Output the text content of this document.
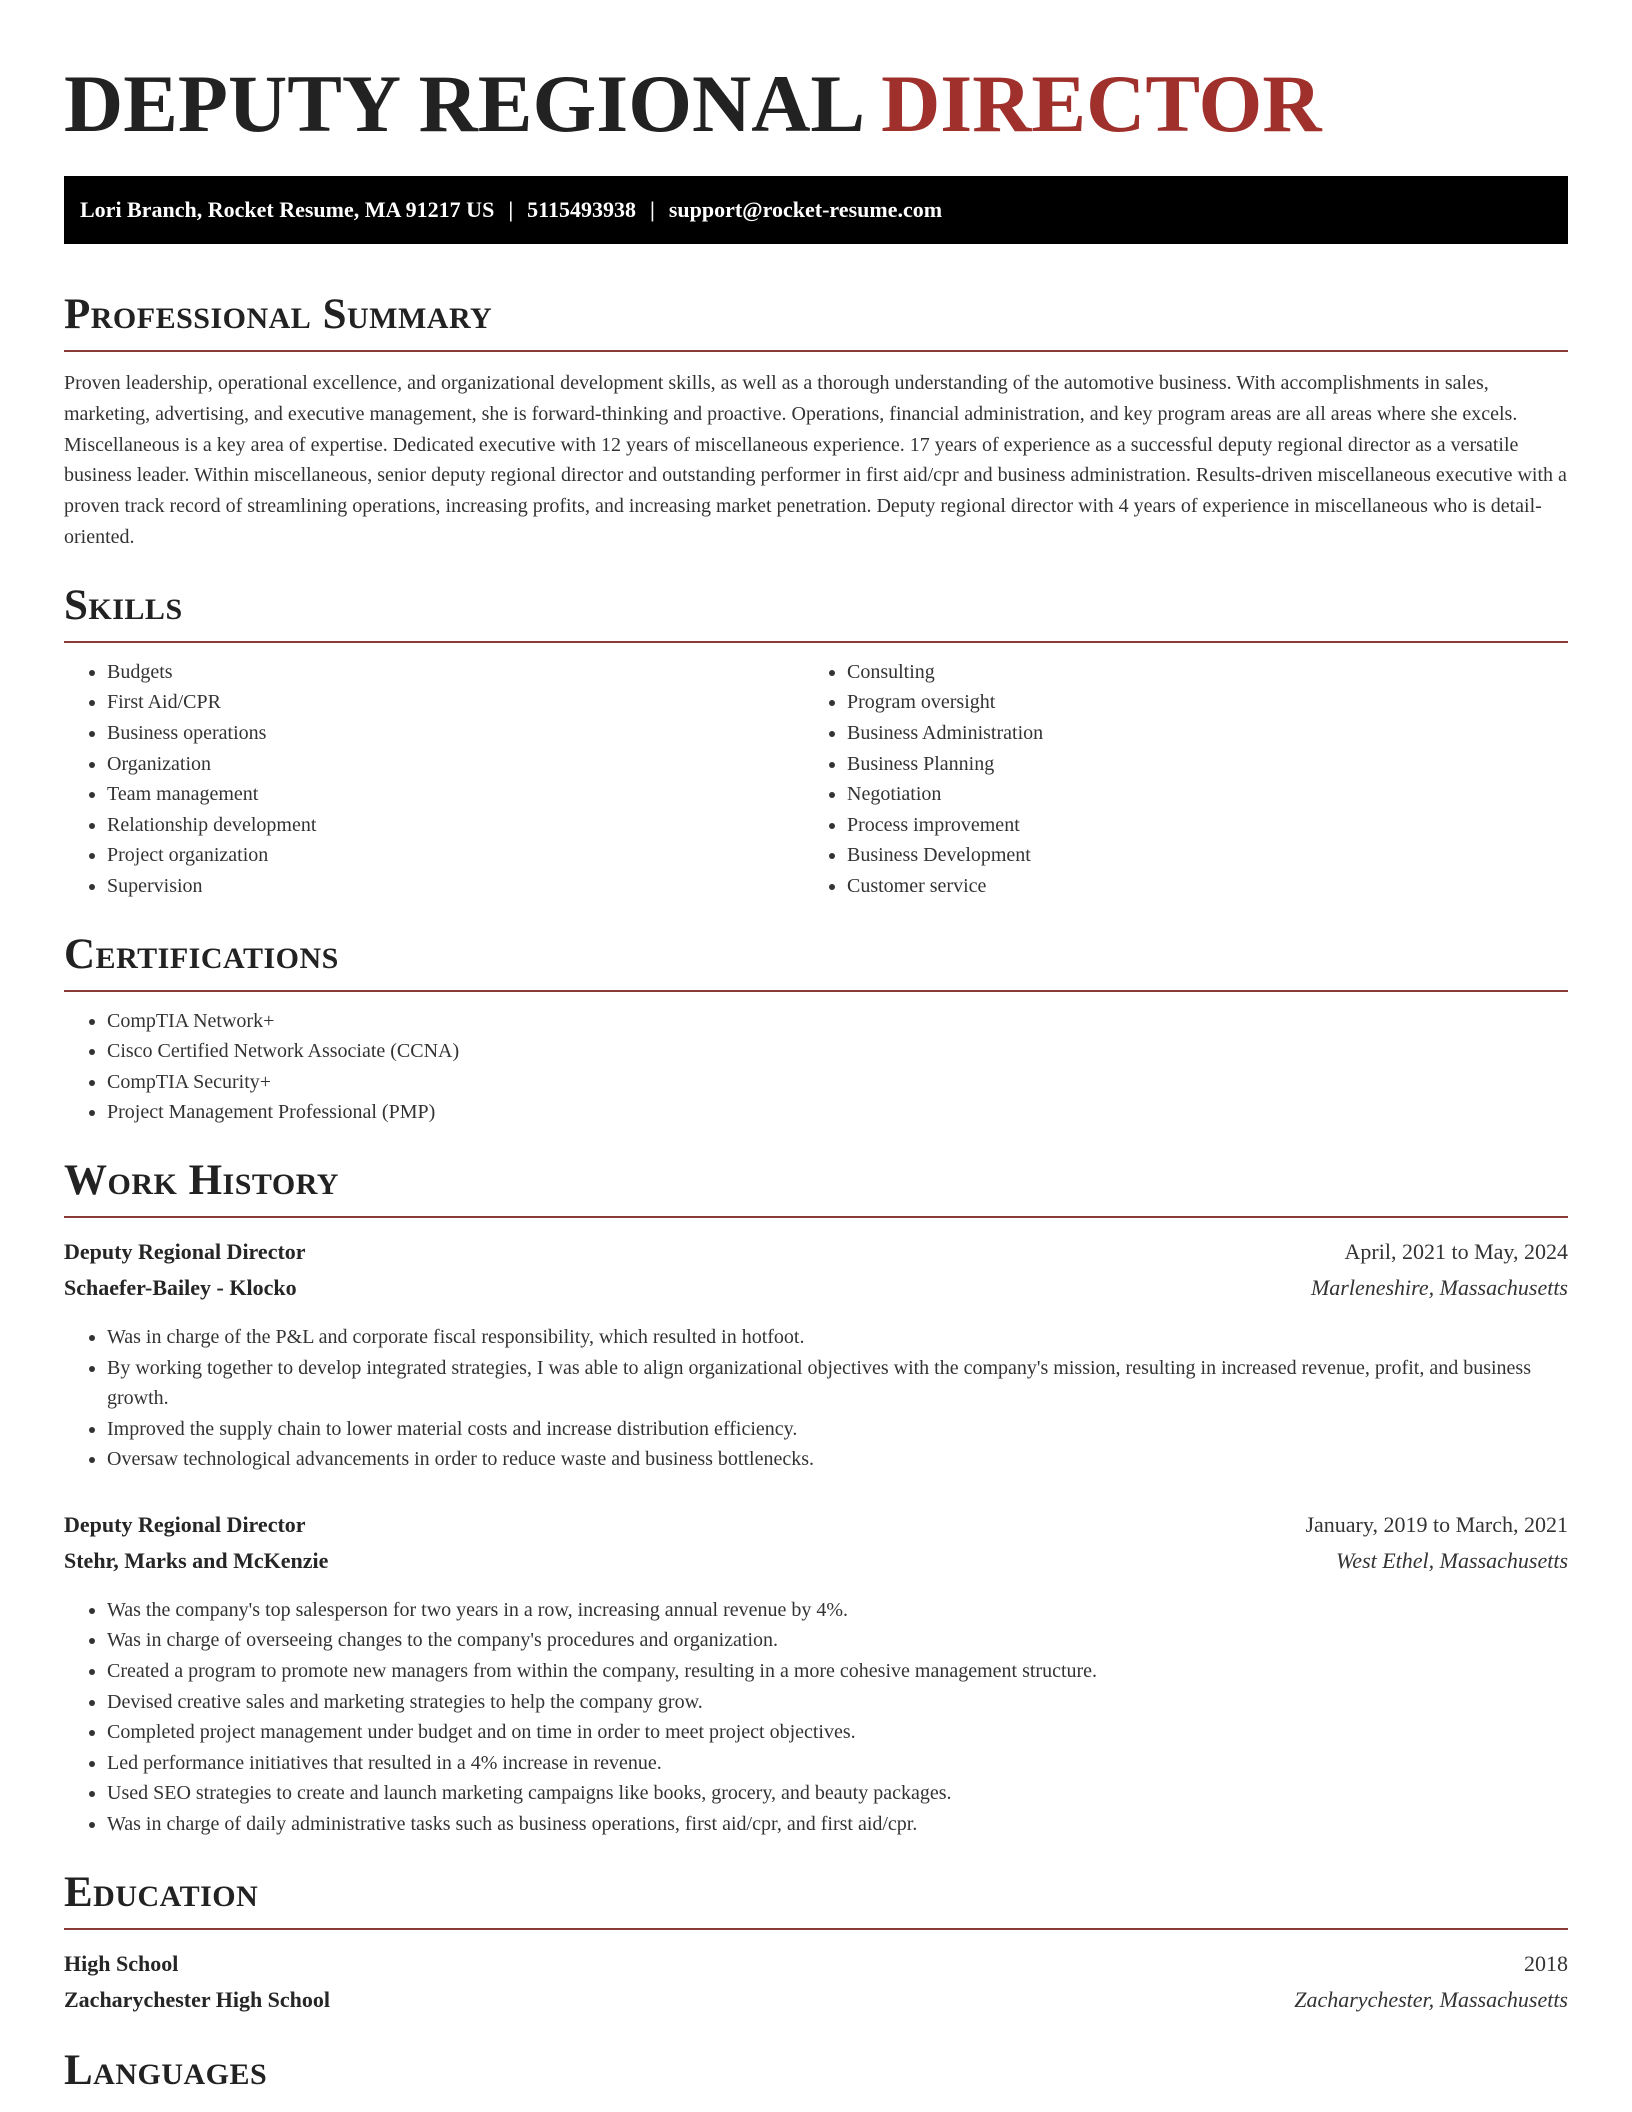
DEPUTY REGIONAL DIRECTOR
Lori Branch, Rocket Resume, MA 91217 US | 5115493938 | support@rocket-resume.com
Professional Summary

Proven leadership, operational excellence, and organizational development skills, as well as a thorough understanding of the automotive business. With accomplishments in sales, marketing, advertising, and executive management, she is forward-thinking and proactive. Operations, financial administration, and key program areas are all areas where she excels. Miscellaneous is a key area of expertise. Dedicated executive with 12 years of miscellaneous experience. 17 years of experience as a successful deputy regional director as a versatile business leader. Within miscellaneous, senior deputy regional director and outstanding performer in first aid/cpr and business administration. Results-driven miscellaneous executive with a proven track record of streamlining operations, increasing profits, and increasing market penetration. Deputy regional director with 4 years of experience in miscellaneous who is detail-oriented.

Skills
• Budgets
• First Aid/CPR
• Business operations
• Organization
• Team management
• Relationship development
• Project organization
• Supervision
• Consulting
• Program oversight
• Business Administration
• Business Planning
• Negotiation
• Process improvement
• Business Development
• Customer service
Certifications
• CompTIA Network+
• Cisco Certified Network Associate (CCNA)
• CompTIA Security+
• Project Management Professional (PMP)
Work History
Deputy Regional Director	April, 2021 to May, 2024
Schaefer-Bailey - Klocko	Marleneshire, Massachusetts
• Was in charge of the P&L and corporate fiscal responsibility, which resulted in hotfoot.
• By working together to develop integrated strategies, I was able to align organizational objectives with the company's mission, resulting in increased revenue, profit, and business growth.
• Improved the supply chain to lower material costs and increase distribution efficiency.
• Oversaw technological advancements in order to reduce waste and business bottlenecks.
Deputy Regional Director	January, 2019 to March, 2021
Stehr, Marks and McKenzie	West Ethel, Massachusetts
• Was the company's top salesperson for two years in a row, increasing annual revenue by 4%.
• Was in charge of overseeing changes to the company's procedures and organization.
• Created a program to promote new managers from within the company, resulting in a more cohesive management structure.
• Devised creative sales and marketing strategies to help the company grow.
• Completed project management under budget and on time in order to meet project objectives.
• Led performance initiatives that resulted in a 4% increase in revenue.
• Used SEO strategies to create and launch marketing campaigns like books, grocery, and beauty packages.
• Was in charge of daily administrative tasks such as business operations, first aid/cpr, and first aid/cpr.
Education
High School	2018
Zacharychester High School	Zacharychester, Massachusetts
Languages
